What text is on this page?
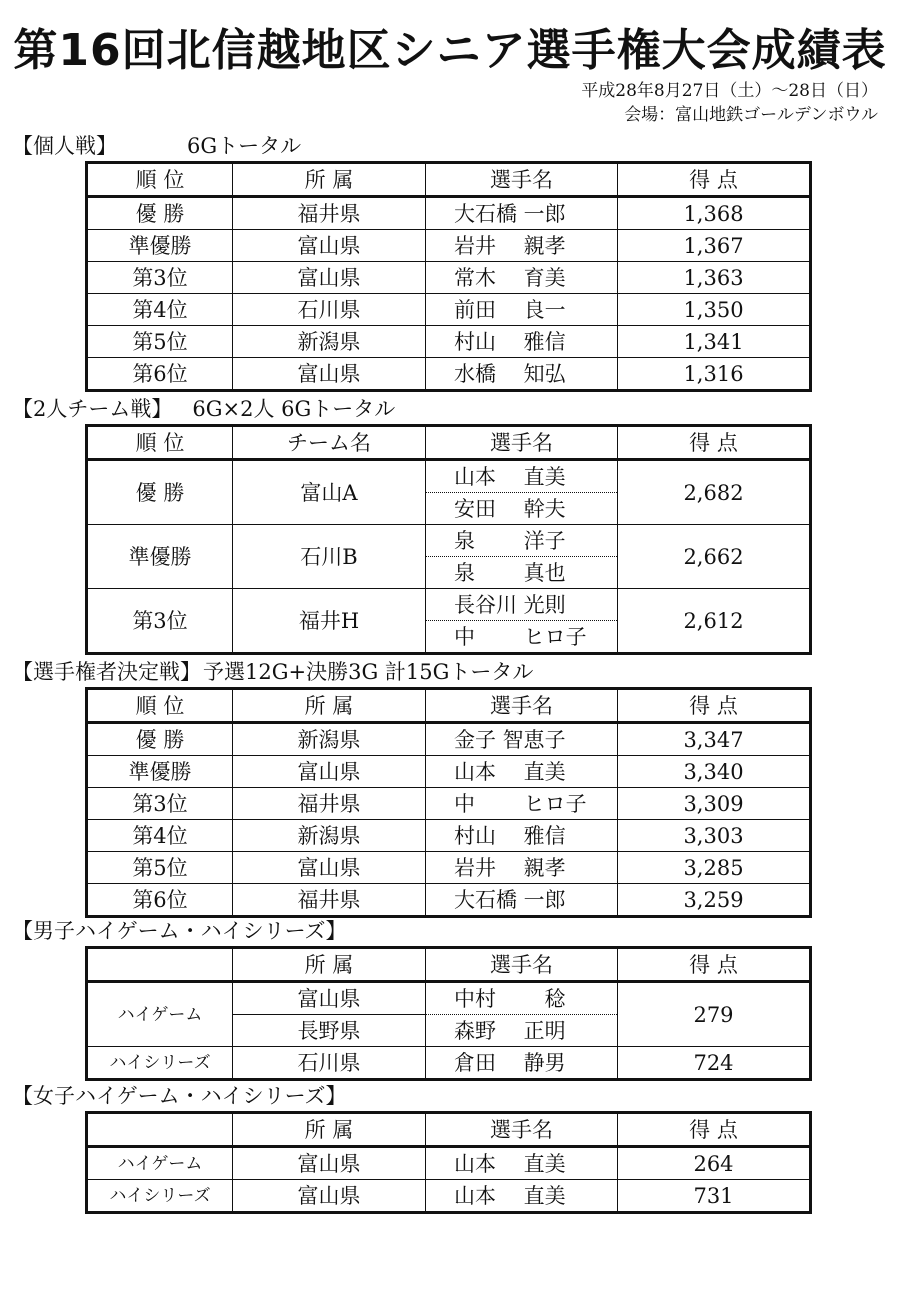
第16回北信越地区シニア選手権大会成績表
平成28年8月27日（土）～28日（日）
会場：富山地鉄ゴールデンボウル
【個人戦】	6Gトータル
順 位	所 属	選手名	得 点
優 勝	福井県	大石橋 一郎	1,368
準優勝	富山県	岩井　 親孝	1,367
第3位	富山県	常木　 育美	1,363
第4位	石川県	前田　 良一	1,350
第5位	新潟県	村山　 雅信	1,341
第6位	富山県	水橋　 知弘	1,316
【2人チーム戦】 6G×2人 6Gトータル
順 位	チーム名	選手名	得 点
優 勝	富山A	山本　 直美	2,682
		安田　 幹夫	
準優勝	石川B	泉　　 洋子	2,662
		泉　　 真也	
第3位	福井H	長谷川 光則	2,612
		中　　 ヒロ子	
【選手権者決定戦】予選12G+決勝3G 計15Gトータル
順 位	所 属	選手名	得 点
優 勝	新潟県	金子 智恵子	3,347
準優勝	富山県	山本　 直美	3,340
第3位	福井県	中　　 ヒロ子	3,309
第4位	新潟県	村山　 雅信	3,303
第5位	富山県	岩井　 親孝	3,285
第6位	福井県	大石橋 一郎	3,259
【男子ハイゲーム・ハイシリーズ】
	所 属	選手名	得 点
ハイゲーム	富山県	中村　　 稔	279
	長野県	森野　 正明	
ハイシリーズ	石川県	倉田　 静男	724
【女子ハイゲーム・ハイシリーズ】
	所 属	選手名	得 点
ハイゲーム	富山県	山本　 直美	264
ハイシリーズ	富山県	山本　 直美	731
